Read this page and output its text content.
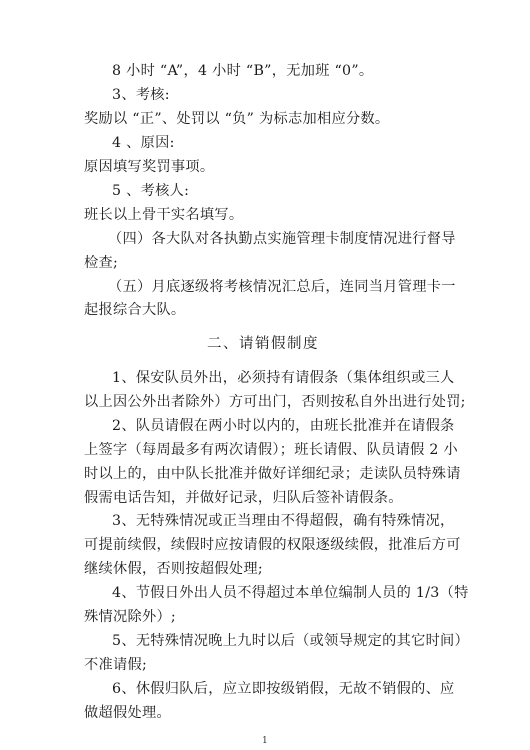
8 小时 “A”，4 小时 “B”，无加班 “0”。
3、考核:
奖励以 “正”、处罚以 “负” 为标志加相应分数。
4 、原因:
原因填写奖罚事项。
5 、考核人:
班长以上骨干实名填写。
（四）各大队对各执勤点实施管理卡制度情况进行督导
检查;
（五）月底逐级将考核情况汇总后，连同当月管理卡一
起报综合大队。
二、请销假制度
1、保安队员外出，必须持有请假条（集体组织或三人
以上因公外出者除外）方可出门，否则按私自外出进行处罚;
2、队员请假在两小时以内的，由班长批准并在请假条
上签字（每周最多有两次请假）；班长请假、队员请假 2 小
时以上的，由中队长批准并做好详细纪录；走读队员特殊请
假需电话告知，并做好记录，归队后签补请假条。
3、无特殊情况或正当理由不得超假，确有特殊情况，
可提前续假，续假时应按请假的权限逐级续假，批准后方可
继续休假，否则按超假处理;
4、节假日外出人员不得超过本单位编制人员的 1/3（特
殊情况除外）;
5、无特殊情况晚上九时以后（或领导规定的其它时间）
不准请假;
6、休假归队后，应立即按级销假，无故不销假的、应
做超假处理。
1
